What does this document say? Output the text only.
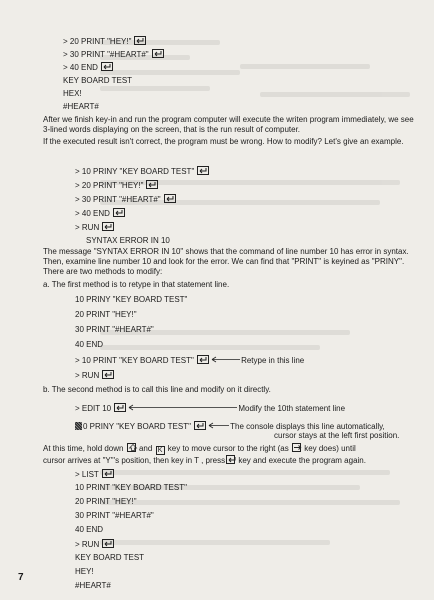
> 20 PRINT "HEY!"
> 30 PRINT "#HEART#"
> 40 END
KEY BOARD TEST
HEX!
#HEART#
After we finish key-in and run the program computer will execute the writen program immediately, we see 3-lined words displaying on the screen, that is the run result of computer.
If the executed result isn't correct, the program must be wrong. How to modify? Let's give an example.
> 10 PRINY "KEY BOARD TEST"
> 20 PRINT "HEY!"
> 30 PRINT "#HEART#"
> 40 END
> RUN
SYNTAX ERROR IN 10
The message "SYNTAX ERROR IN 10" shows that the command of line number 10 has error in syntax. Then, examine line number 10 and look for the error. We can find that "PRINT" is keyined as "PRINY". There are two methods to modify:
a. The first method is to retype in that statement line.
10 PRINY "KEY BOARD TEST"
20 PRINT "HEY!"
30 PRINT "#HEART#"
40 END
> 10 PRINT "KEY BOARD TEST"	Retype in this line
> RUN
b. The second method is to call this line and modify on it directly.
> EDIT 10	Modify the 10th statement line
0 PRINY "KEY BOARD TEST"	The console displays this line automatically,
cursor stays at the left first position.
At this time, hold down and K key to move cursor to the right (as key does) until
cursor arrives at "Y"'s position, then key in T , press key and execute the program again.
> LIST
10 PRINT "KEY BOARD TEST"
20 PRINT "HEY!"
30 PRINT "#HEART#"
40 END
> RUN
KEY BOARD TEST
HEY!
#HEART#
7
